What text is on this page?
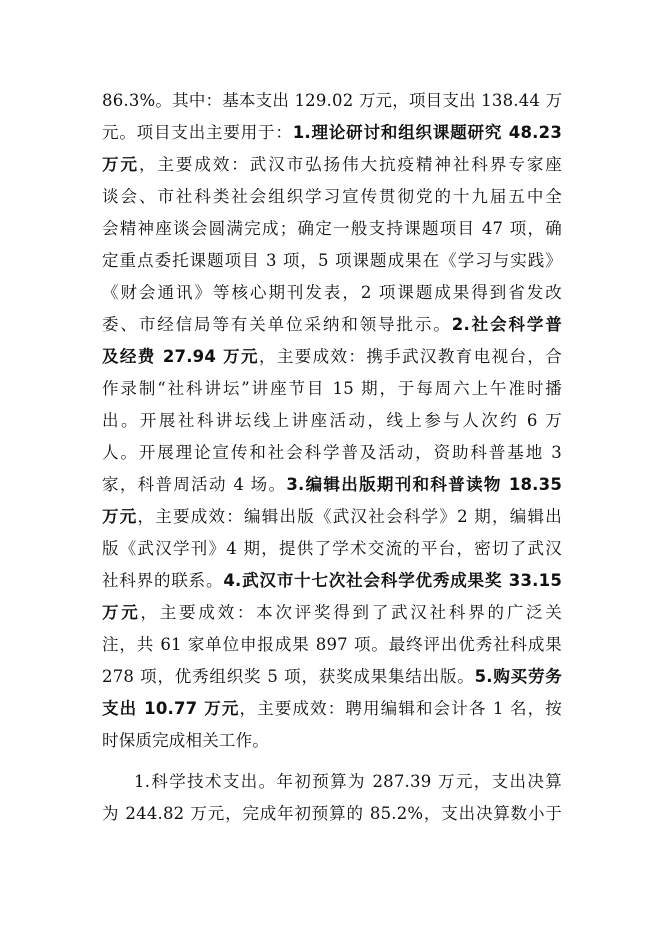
86.3%。其中：基本支出 129.02 万元，项目支出 138.44 万
元。项目支出主要用于：1.理论研讨和组织课题研究 48.23
万元，主要成效：武汉市弘扬伟大抗疫精神社科界专家座
谈会、市社科类社会组织学习宣传贯彻党的十九届五中全
会精神座谈会圆满完成；确定一般支持课题项目 47 项，确
定重点委托课题项目 3 项，5 项课题成果在《学习与实践》
《财会通讯》等核心期刊发表，2 项课题成果得到省发改
委、市经信局等有关单位采纳和领导批示。2.社会科学普
及经费 27.94 万元，主要成效：携手武汉教育电视台，合
作录制“社科讲坛”讲座节目 15 期，于每周六上午准时播
出。开展社科讲坛线上讲座活动，线上参与人次约 6 万
人。开展理论宣传和社会科学普及活动，资助科普基地 3
家，科普周活动 4 场。3.编辑出版期刊和科普读物 18.35
万元，主要成效：编辑出版《武汉社会科学》2 期，编辑出
版《武汉学刊》4 期，提供了学术交流的平台，密切了武汉
社科界的联系。4.武汉市十七次社会科学优秀成果奖 33.15
万元，主要成效：本次评奖得到了武汉社科界的广泛关
注，共 61 家单位申报成果 897 项。最终评出优秀社科成果
278 项，优秀组织奖 5 项，获奖成果集结出版。5.购买劳务
支出 10.77 万元，主要成效：聘用编辑和会计各 1 名，按
时保质完成相关工作。
1.科学技术支出。年初预算为 287.39 万元，支出决算
为 244.82 万元，完成年初预算的 85.2%，支出决算数小于
